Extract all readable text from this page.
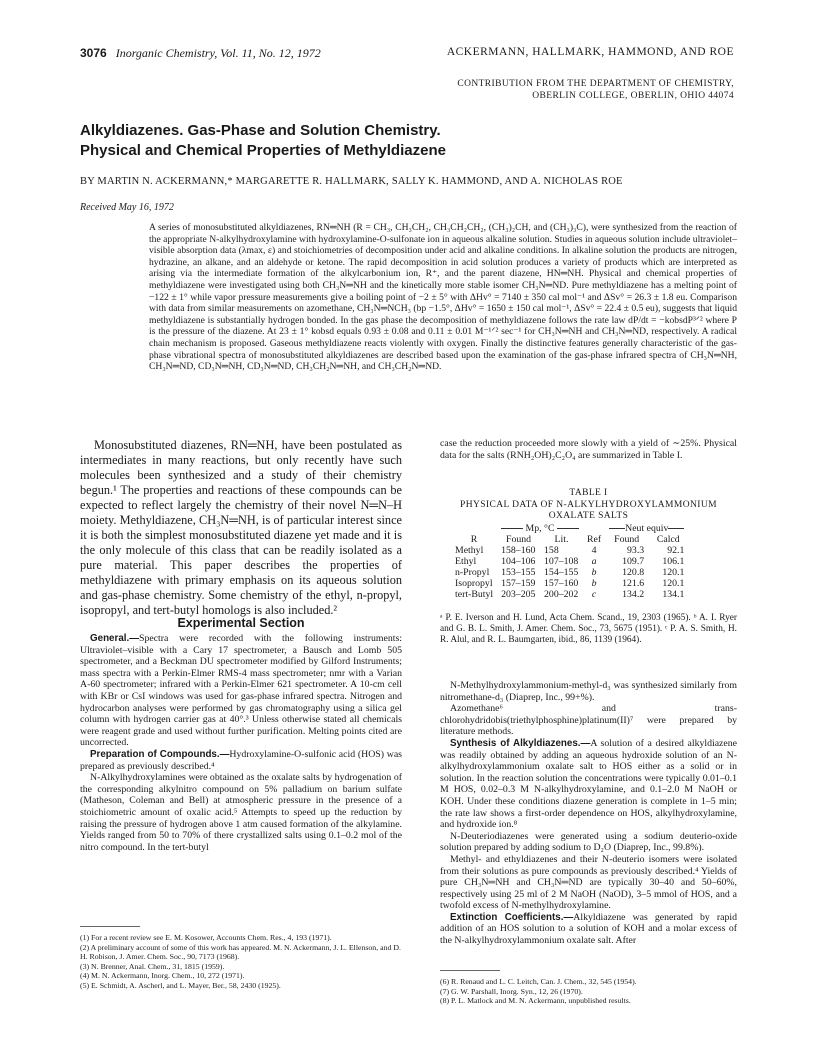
3076 Inorganic Chemistry, Vol. 11, No. 12, 1972	ACKERMANN, HALLMARK, HAMMOND, AND ROE
CONTRIBUTION FROM THE DEPARTMENT OF CHEMISTRY,
OBERLIN COLLEGE, OBERLIN, OHIO 44074
Alkyldiazenes. Gas-Phase and Solution Chemistry.
Physical and Chemical Properties of Methyldiazene
BY MARTIN N. ACKERMANN,* MARGARETTE R. HALLMARK, SALLY K. HAMMOND, AND A. NICHOLAS ROE
Received May 16, 1972
A series of monosubstituted alkyldiazenes, RN═NH (R = CH₃, CH₃CH₂, CH₃CH₂CH₂, (CH₃)₂CH, and (CH₃)₃C), were synthesized from the reaction of the appropriate N-alkylhydroxylamine with hydroxylamine-O-sulfonate ion in aqueous alkaline solution. Studies in aqueous solution include ultraviolet–visible absorption data (λmax, ε) and stoichiometries of decomposition under acid and alkaline conditions. In alkaline solution the products are nitrogen, hydrazine, an alkane, and an aldehyde or ketone. The rapid decomposition in acid solution produces a variety of products which are interpreted as arising via the intermediate formation of the alkylcarbonium ion, R⁺, and the parent diazene, HN═NH. Physical and chemical properties of methyldiazene were investigated using both CH₃N═NH and the kinetically more stable isomer CH₃N═ND. Pure methyldiazene has a melting point of −122 ± 1° while vapor pressure measurements give a boiling point of −2 ± 5° with ΔHv° = 7140 ± 350 cal mol⁻¹ and ΔSv° = 26.3 ± 1.8 eu. Comparison with data from similar measurements on azomethane, CH₃N═NCH₃ (bp −1.5°, ΔHv° = 1650 ± 150 cal mol⁻¹, ΔSv° = 22.4 ± 0.5 eu), suggests that liquid methyldiazene is substantially hydrogen bonded. In the gas phase the decomposition of methyldiazene follows the rate law dP/dt = −kobsdP³ᐟ² where P is the pressure of the diazene. At 23 ± 1° kobsd equals 0.93 ± 0.08 and 0.11 ± 0.01 M⁻¹ᐟ² sec⁻¹ for CH₃N═NH and CH₃N═ND, respectively. A radical chain mechanism is proposed. Gaseous methyldiazene reacts violently with oxygen. Finally the distinctive features generally characteristic of the gas-phase vibrational spectra of monosubstituted alkyldiazenes are described based upon the examination of the gas-phase infrared spectra of CH₃N═NH, CH₃N═ND, CD₃N═NH, CD₃N═ND, CH₃CH₂N═NH, and CH₃CH₂N═ND.

Monosubstituted diazenes, RN═NH, have been postulated as intermediates in many reactions, but only recently have such molecules been synthesized and a study of their chemistry begun.¹ The properties and reactions of these compounds can be expected to reflect largely the chemistry of their novel N═N–H moiety. Methyldiazene, CH₃N═NH, is of particular interest since it is both the simplest monosubstituted diazene yet made and it is the only molecule of this class that can be readily isolated as a pure material. This paper describes the properties of methyldiazene with primary emphasis on its aqueous solution and gas-phase chemistry. Some chemistry of the ethyl, n-propyl, isopropyl, and tert-butyl homologs is also included.²

Experimental Section

General.—Spectra were recorded with the following instruments: Ultraviolet–visible with a Cary 17 spectrometer, a Bausch and Lomb 505 spectrometer, and a Beckman DU spectrometer modified by Gilford Instruments; mass spectra with a Perkin-Elmer RMS-4 mass spectrometer; nmr with a Varian A-60 spectrometer; infrared with a Perkin-Elmer 621 spectrometer. A 10-cm cell with KBr or CsI windows was used for gas-phase infrared spectra. Nitrogen and hydrocarbon analyses were performed by gas chromatography using a silica gel column with hydrogen carrier gas at 40°.³ Unless otherwise stated all chemicals were reagent grade and used without further purification. Melting points cited are uncorrected.

Preparation of Compounds.—Hydroxylamine-O-sulfonic acid (HOS) was prepared as previously described.⁴

N-Alkylhydroxylamines were obtained as the oxalate salts by hydrogenation of the corresponding alkylnitro compound on 5% palladium on barium sulfate (Matheson, Coleman and Bell) at atmospheric pressure in the presence of a stoichiometric amount of oxalic acid.⁵ Attempts to speed up the reduction by raising the pressure of hydrogen above 1 atm caused formation of the alkylamine. Yields ranged from 50 to 70% of there crystallized salts using 0.1–0.2 mol of the nitro compound. In the tert-butyl

(1) For a recent review see E. M. Kosower, Accounts Chem. Res., 4, 193 (1971).
(2) A preliminary account of some of this work has appeared. M. N. Ackermann, J. L. Ellenson, and D. H. Robison, J. Amer. Chem. Soc., 90, 7173 (1968).
(3) N. Brenner, Anal. Chem., 31, 1815 (1959).
(4) M. N. Ackermann, Inorg. Chem., 10, 272 (1971).
(5) E. Schmidt, A. Ascherl, and L. Mayer, Ber., 58, 2430 (1925).

case the reduction proceeded more slowly with a yield of ∼25%. Physical data for the salts (RNH₂OH)₂C₂O₄ are summarized in Table I.

TABLE I
PHYSICAL DATA OF N-ALKYLHYDROXYLAMMONIUM
OXALATE SALTS
	Mp, °C			Neut equiv	
R	Found	Lit.	Ref	Found	Calcd
Methyl	158–160	158	4	93.3	92.1
Ethyl	104–106	107–108	a	109.7	106.1
n-Propyl	153–155	154–155	b	120.8	120.1
Isopropyl	157–159	157–160	b	121.6	120.1
tert-Butyl	203–205	200–202	c	134.2	134.1
ᵃ P. E. Iverson and H. Lund, Acta Chem. Scand., 19, 2303 (1965). ᵇ A. I. Ryer and G. B. L. Smith, J. Amer. Chem. Soc., 73, 5675 (1951). ᶜ P. A. S. Smith, H. R. Alul, and R. L. Baumgarten, ibid., 86, 1139 (1964).

N-Methylhydroxylammonium-methyl-d₃ was synthesized similarly from nitromethane-d₃ (Diaprep, Inc., 99+%).

Azomethane⁶ and trans-chlorohydridobis(triethylphosphine)platinum(II)⁷ were prepared by literature methods.

Synthesis of Alkyldiazenes.—A solution of a desired alkyldiazene was readily obtained by adding an aqueous hydroxide solution of an N-alkylhydroxylammonium oxalate salt to HOS either as a solid or in solution. In the reaction solution the concentrations were typically 0.01–0.1 M HOS, 0.02–0.3 M N-alkylhydroxylamine, and 0.1–2.0 M NaOH or KOH. Under these conditions diazene generation is complete in 1–5 min; the rate law shows a first-order dependence on HOS, alkylhydroxylamine, and hydroxide ion.⁸

N-Deuteriodiazenes were generated using a sodium deuterio-oxide solution prepared by adding sodium to D₂O (Diaprep, Inc., 99.8%).

Methyl- and ethyldiazenes and their N-deuterio isomers were isolated from their solutions as pure compounds as previously described.⁴ Yields of pure CH₃N═NH and CH₃N═ND are typically 30–40 and 50–60%, respectively using 25 ml of 2 M NaOH (NaOD), 3–5 mmol of HOS, and a twofold excess of N-methylhydroxylamine.

Extinction Coefficients.—Alkyldiazene was generated by rapid addition of an HOS solution to a solution of KOH and a molar excess of the N-alkylhydroxylammonium oxalate salt. After

(6) R. Renaud and L. C. Leitch, Can. J. Chem., 32, 545 (1954).
(7) G. W. Parshall, Inorg. Syn., 12, 26 (1970).
(8) P. L. Matlock and M. N. Ackermann, unpublished results.
